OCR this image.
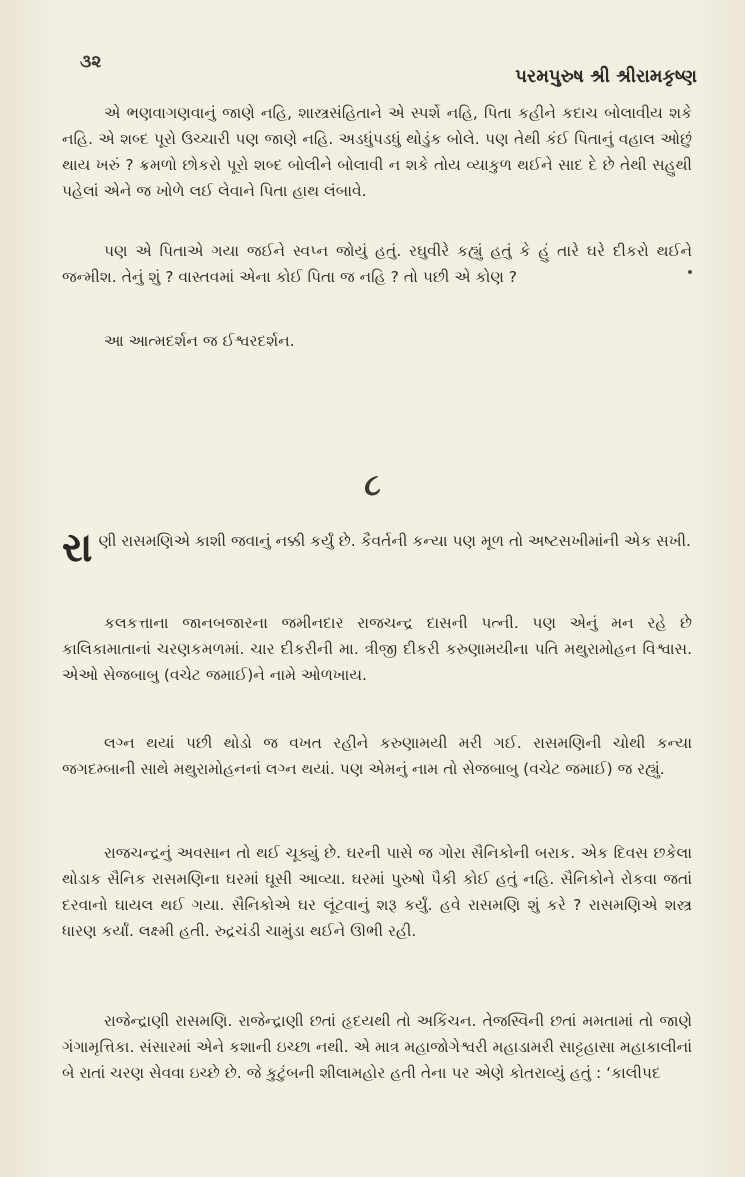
૩૨
પરમપુરુષ શ્રી શ્રીરામકૃષ્ણ

એ ભણવાગણવાનું જાણે નહિ, શાસ્ત્રસંહિતાને એ સ્પર્શે નહિ, પિતા કહીને કદાચ બોલાવીય શકે નહિ. એ શબ્દ પૂરો ઉચ્ચારી પણ જાણે નહિ. અડધુંપડધું થોડુંક બોલે. પણ તેથી કંઈ પિતાનું વહાલ ઓછું થાય ખરું ? ક્રમળો છોકરો પૂરો શબ્દ બોલીને બોલાવી ન શકે તોય વ્યાકુળ થઈને સાદ દે છે તેથી સહુથી પહેલાં એને જ ખોળે લઈ લેવાને પિતા હાથ લંબાવે.

પણ એ પિતાએ ગયા જઈને સ્વપ્ન જોયું હતું. રઘુવીરે કહ્યું હતું કે હું તારે ઘરે દીકરો થઈને જન્મીશ. તેનું શું ? વાસ્તવમાં એના કોઈ પિતા જ નહિ ? તો પછી એ કોણ ?

આ આત્મદર્શન જ ઈશ્વરદર્શન.

૮

રાણી રાસમણિએ કાશી જવાનું નક્કી કર્યું છે. કૈવર્તની કન્યા પણ મૂળ તો અષ્ટસખીમાંની એક સખી.

કલકત્તાના જાનબજારના જમીનદાર રાજચન્દ્ર દાસની પત્ની. પણ એનું મન રહે છે કાલિકામાતાનાં ચરણકમળમાં. ચાર દીકરીની મા. ત્રીજી દીકરી કરુણામયીના પતિ મથુરામોહન વિશ્વાસ. એઓ સેજબાબુ (વચેટ જમાઈ)ને નામે ઓળખાય.

લગ્ન થયાં પછી થોડો જ વખત રહીને કરુણામયી મરી ગઈ. રાસમણિની ચોથી કન્યા જગદમ્બાની સાથે મથુરામોહનનાં લગ્ન થયાં. પણ એમનું નામ તો સેજબાબુ (વચેટ જમાઈ) જ રહ્યું.

રાજચન્દ્રનું અવસાન તો થઈ ચૂક્યું છે. ઘરની પાસે જ ગોરા સૈનિકોની બરાક. એક દિવસ છકેલા થોડાક સૈનિક રાસમણિના ઘરમાં ઘૂસી આવ્યા. ઘરમાં પુરુષો પૈકી કોઈ હતું નહિ. સૈનિકોને રોકવા જતાં દરવાનો ઘાયલ થઈ ગયા. સૈનિકોએ ઘર લૂંટવાનું શરૂ કર્યું. હવે રાસમણિ શું કરે ? રાસમણિએ શસ્ત્ર ધારણ કર્યાં. લક્ષ્મી હતી. રુદ્રચંડી ચામુંડા થઈને ઊભી રહી.

રાજેન્દ્રાણી રાસમણિ. રાજેન્દ્રાણી છતાં હૃદયથી તો અકિંચન. તેજસ્વિની છતાં મમતામાં તો જાણે ગંગામૃત્તિકા. સંસારમાં એને કશાની ઇચ્છા નથી. એ માત્ર મહાજોગેશ્વરી મહાડામરી સાટ્ટહાસા મહાકાલીનાં બે રાતાં ચરણ સેવવા ઇચ્છે છે. જે કુટુંબની શીલામહોર હતી તેના પર એણે કોતરાવ્યું હતું : ‘કાલીપદ
